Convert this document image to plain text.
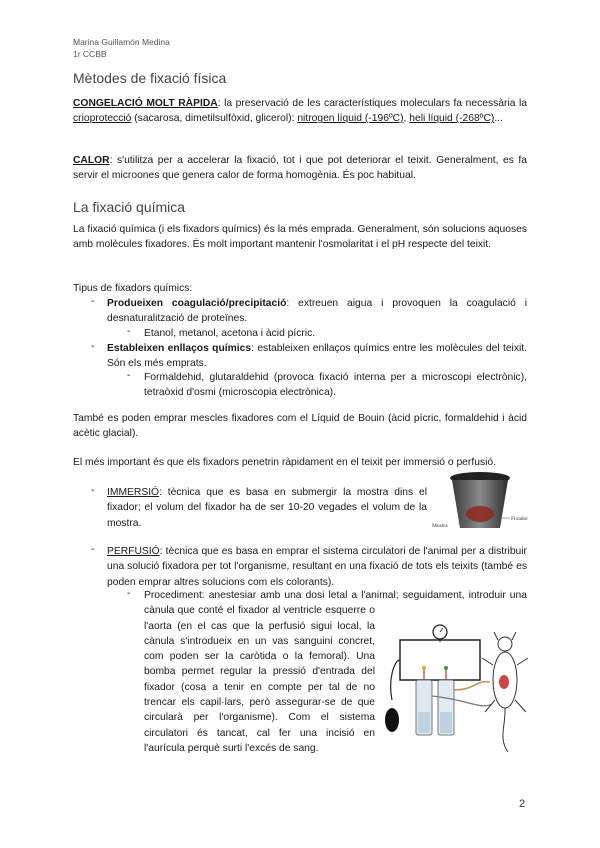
Marina Guillamón Medina
1r CCBB
Mètodes de fixació física

CONGELACIÓ MOLT RÀPIDA: la preservació de les característiques moleculars fa necessària la crioprotecció (sacarosa, dimetilsulfòxid, glicerol): nitrogen líquid (-196ºC), heli líquid (-268ºC)...

CALOR: s'utilitza per a accelerar la fixació, tot i que pot deteriorar el teixit. Generalment, es fa servir el microones que genera calor de forma homogènia. És poc habitual.

La fixació química

La fixació química (i els fixadors químics) és la més emprada. Generalment, són solucions aquoses amb molècules fixadores. És molt important mantenir l'osmolaritat i el pH respecte del teixit.

Tipus de fixadors químics:

- Produeixen coagulació/precipitació: extreuen aigua i provoquen la coagulació i desnaturalització de proteïnes.

- Etanol, metanol, acetona i àcid pícric.

- Estableixen enllaços químics: estableixen enllaços químics entre les molècules del teixit. Són els més emprats.

- Formaldehid, glutaraldehid (provoca fixació interna per a microscopi electrònic), tetraòxid d'osmi (microscopia electrònica).

També es poden emprar mescles fixadores com el Líquid de Bouin (àcid pícric, formaldehid i àcid acètic glacial).

El més important és que els fixadors penetrin ràpidament en el teixit per immersió o perfusió.

- IMMERSIÓ: tècnica que es basa en submergir la mostra dins el fixador; el volum del fixador ha de ser 10-20 vegades el volum de la mostra.	Mostra
Fixador
- PERFUSIÓ: tècnica que es basa en emprar el sistema circulatori de l'animal per a distribuir una solució fixadora per tot l'organisme, resultant en una fixació de tots els teixits (també es poden emprar altres solucions com els colorants).

- Procediment: anestesiar amb una dosi letal a l'animal; seguidament, introduir una cànula que conté el fixador al ventricle esquerre o l'aorta (en el cas que la perfusió sigui local, la cànula s'introdueix en un vas sanguini concret, com poden ser la caròtida o la femoral). Una bomba permet regular la pressió d'entrada del fixador (cosa a tenir en compte per tal de no trencar els capil·lars, però assegurar-se de que circularà per l'organisme). Com el sistema circulatori és tancat, cal fer una incisió en l'aurícula perquè surti l'excés de sang.

2
